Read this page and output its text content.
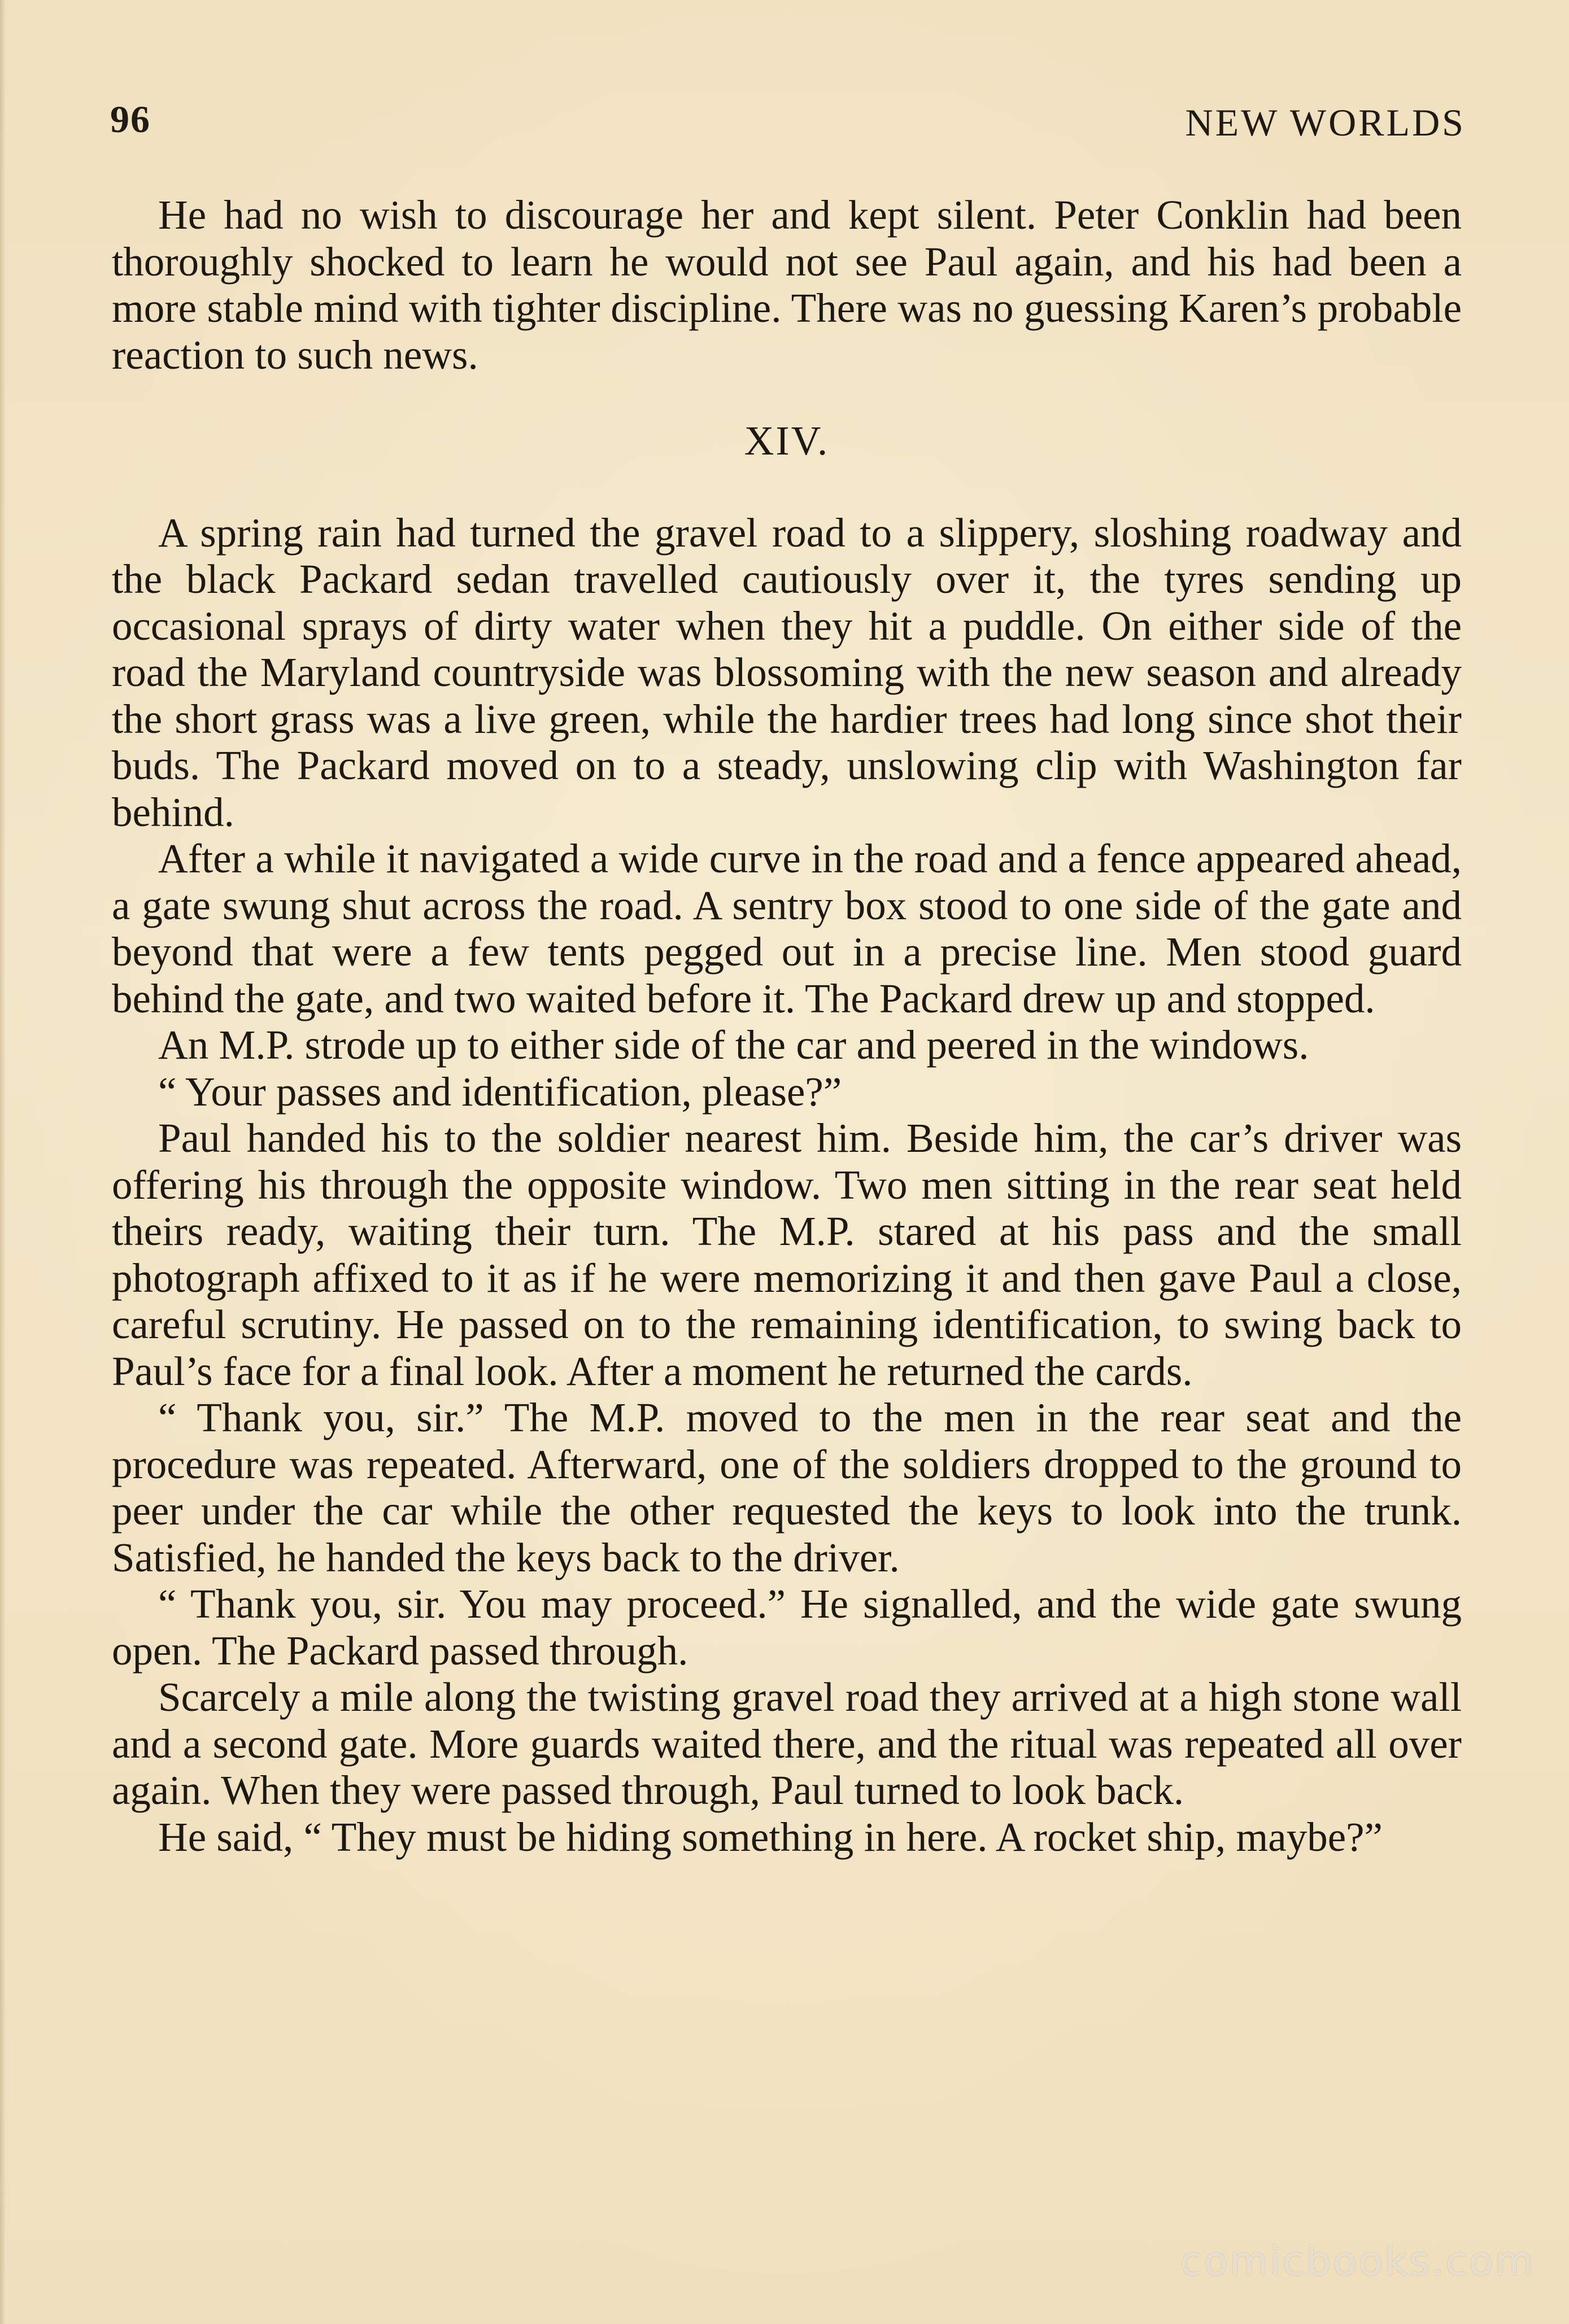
96	NEW WORLDS

He had no wish to discourage her and kept silent. Peter Conklin had been thoroughly shocked to learn he would not see Paul again, and his had been a more stable mind with tighter discipline. There was no guessing Karen’s probable reaction to such news.

XIV.

A spring rain had turned the gravel road to a slippery, sloshing roadway and the black Packard sedan travelled cautiously over it, the tyres sending up occasional sprays of dirty water when they hit a puddle. On either side of the road the Maryland countryside was blossoming with the new season and already the short grass was a live green, while the hardier trees had long since shot their buds. The Packard moved on to a steady, unslowing clip with Washington far behind.

After a while it navigated a wide curve in the road and a fence appeared ahead, a gate swung shut across the road. A sentry box stood to one side of the gate and beyond that were a few tents pegged out in a precise line. Men stood guard behind the gate, and two waited before it. The Packard drew up and stopped.

An M.P. strode up to either side of the car and peered in the windows.

“ Your passes and identification, please?”

Paul handed his to the soldier nearest him. Beside him, the car’s driver was offering his through the opposite window. Two men sitting in the rear seat held theirs ready, waiting their turn. The M.P. stared at his pass and the small photograph affixed to it as if he were memorizing it and then gave Paul a close, careful scrutiny. He passed on to the remaining identification, to swing back to Paul’s face for a final look. After a moment he returned the cards.

“ Thank you, sir.” The M.P. moved to the men in the rear seat and the procedure was repeated. Afterward, one of the soldiers dropped to the ground to peer under the car while the other requested the keys to look into the trunk. Satisfied, he handed the keys back to the driver.

“ Thank you, sir. You may proceed.” He signalled, and the wide gate swung open. The Packard passed through.

Scarcely a mile along the twisting gravel road they arrived at a high stone wall and a second gate. More guards waited there, and the ritual was repeated all over again. When they were passed through, Paul turned to look back.

He said, “ They must be hiding something in here. A rocket ship, maybe?”

comicbooks.com
